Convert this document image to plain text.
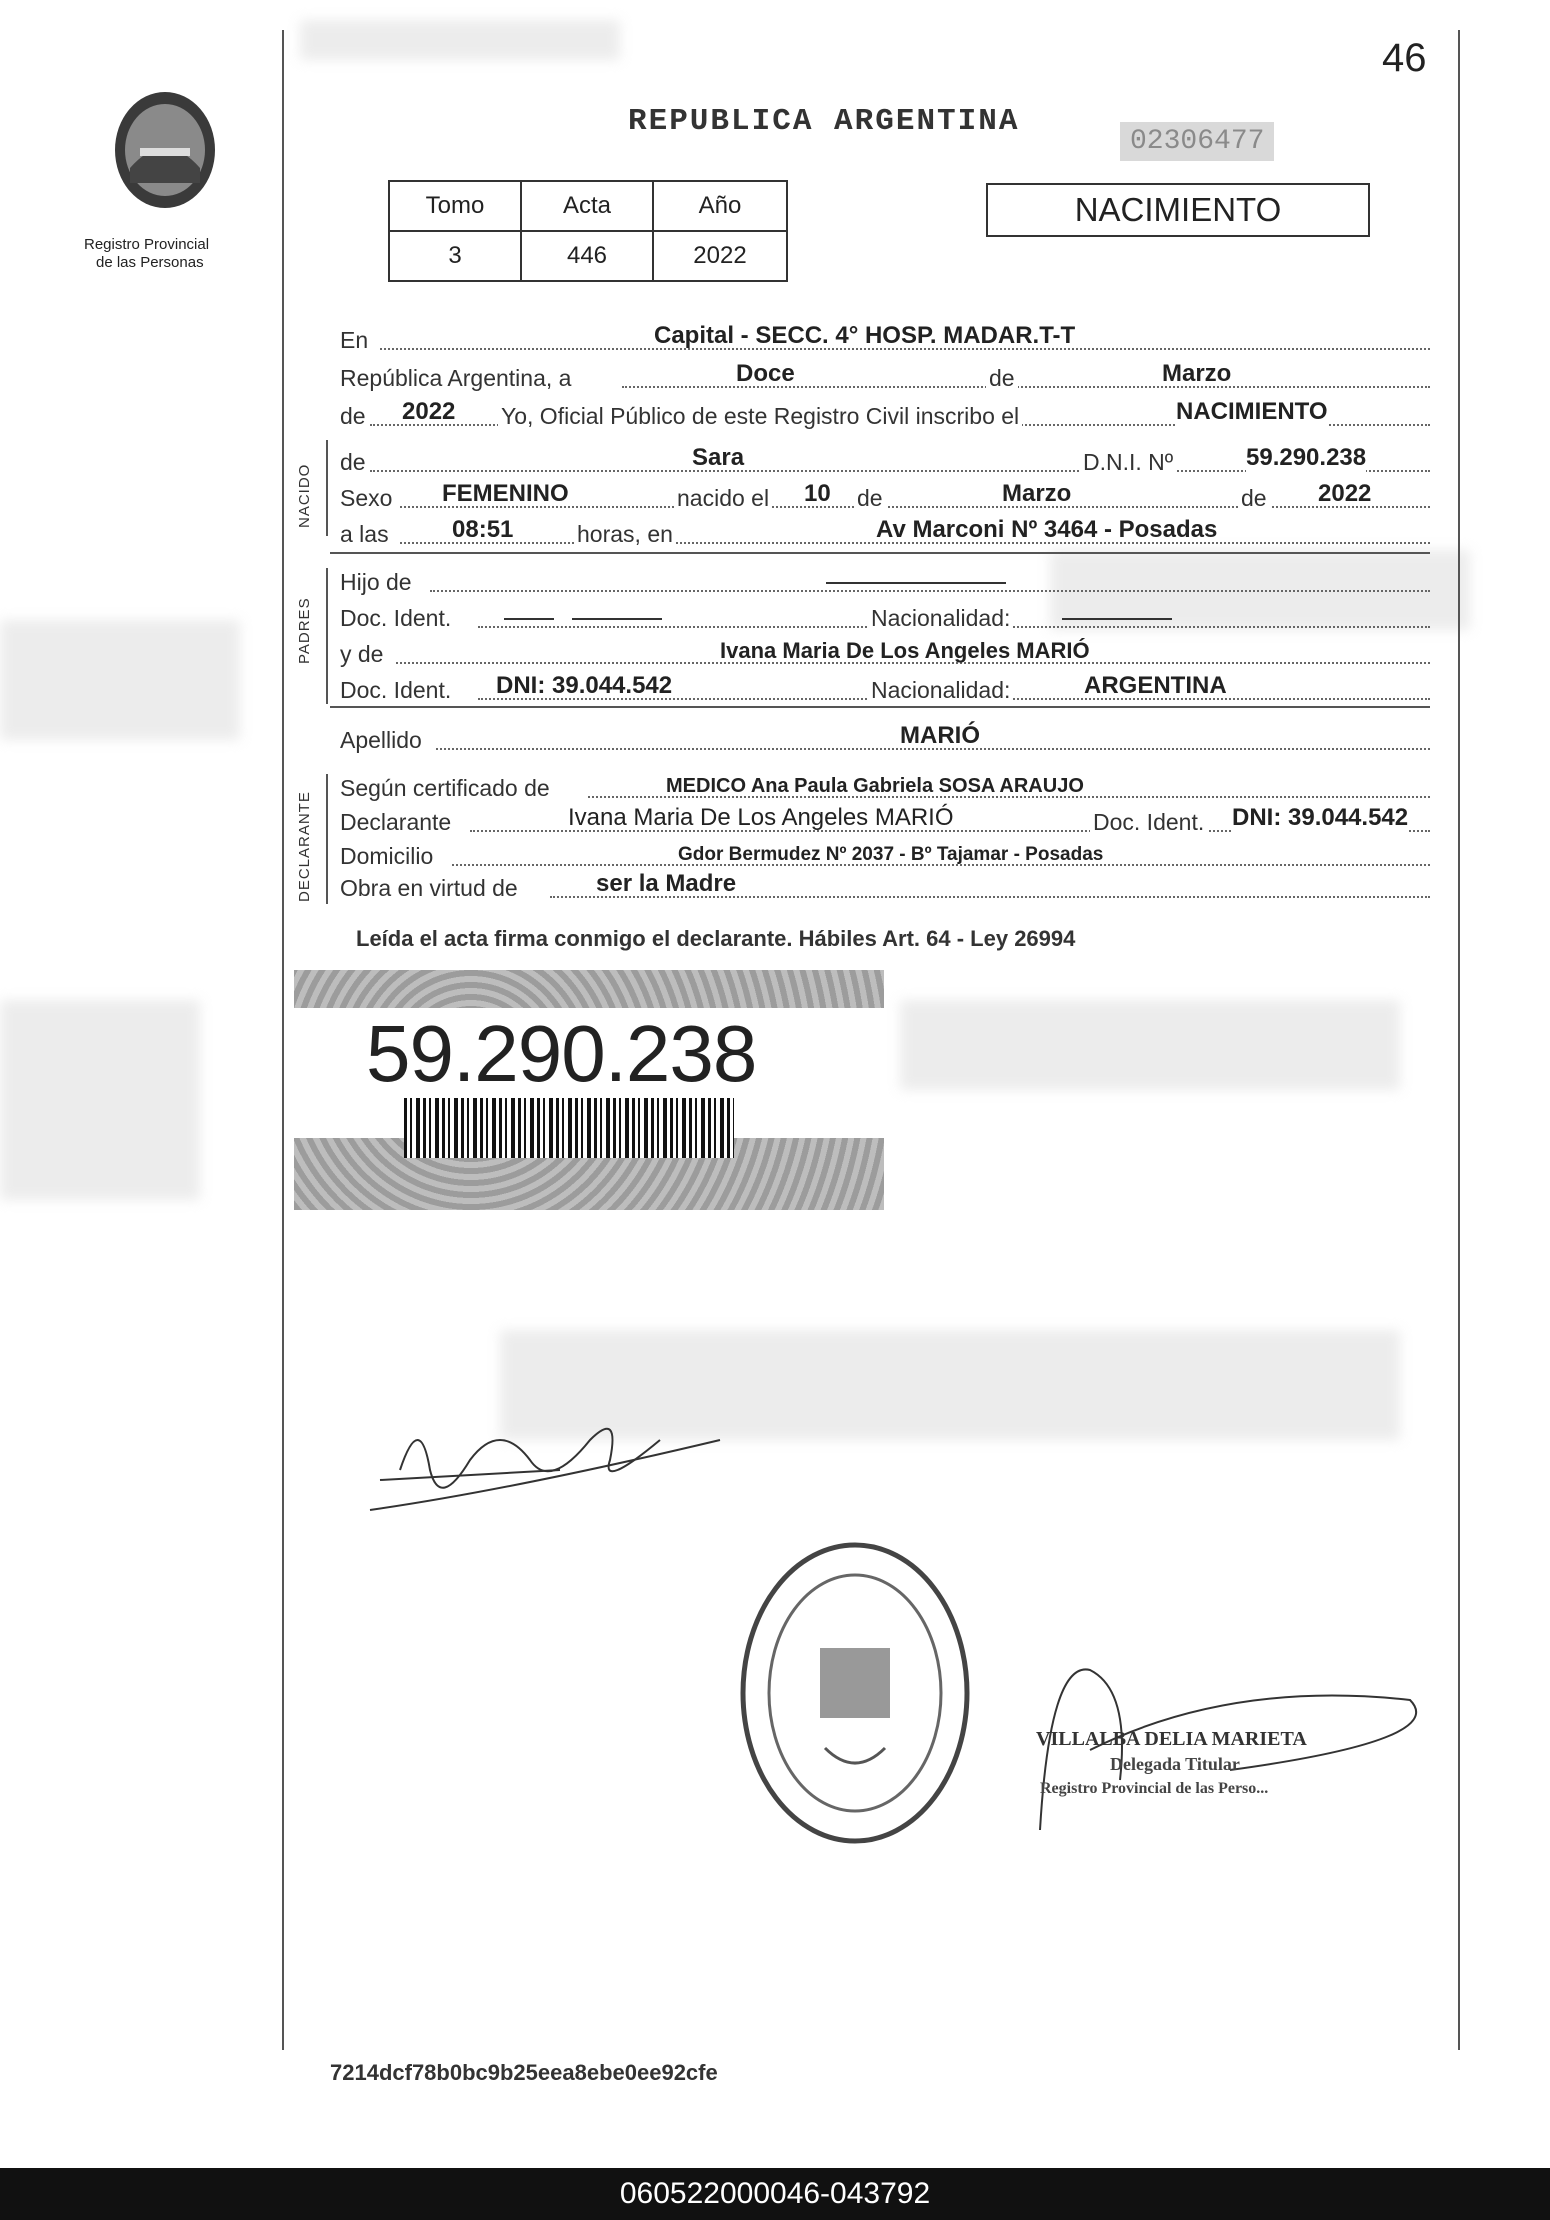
46
Registro Provincial
de las Personas
REPUBLICA ARGENTINA
02306477
Tomo	Acta	Año
3	446	2022
NACIMIENTO
En	Capital - SECC. 4° HOSP. MADAR.T-T
República Argentina, a	Doce	de	Marzo
de 2022 Yo, Oficial Público de este Registro Civil inscribo el	NACIMIENTO
NACIDO
de	Sara	D.N.I. Nº	59.290.238
Sexo FEMENINO	nacido el 10 de	Marzo	de 2022
a las	08:51	horas, en	Av Marconi Nº 3464 - Posadas
PADRES
Hijo de
Doc. Ident.	Nacionalidad:
y de	Ivana Maria De Los Angeles MARIÓ
Doc. Ident. DNI: 39.044.542	Nacionalidad:	ARGENTINA
Apellido	MARIÓ
DECLARANTE
Según certificado de	MEDICO Ana Paula Gabriela SOSA ARAUJO
Declarante	Ivana Maria De Los Angeles MARIÓ	Doc. Ident. DNI: 39.044.542
Domicilio	Gdor Bermudez Nº 2037 - Bº Tajamar - Posadas
Obra en virtud de	ser la Madre
Leída el acta firma conmigo el declarante. Hábiles Art. 64 - Ley 26994
59.290.238
VILLALBA DELIA MARIETA
Delegada Titular
Registro Provincial de las Perso...
7214dcf78b0bc9b25eea8ebe0ee92cfe
060522000046-043792
